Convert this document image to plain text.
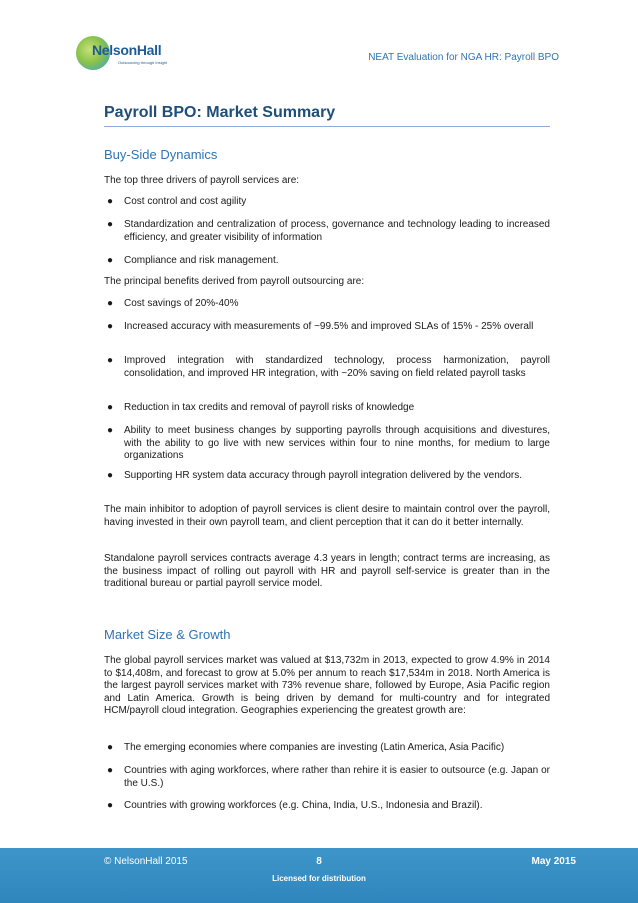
NelsonHall
Outsourcing through Insight	NEAT Evaluation for NGA HR: Payroll BPO
Payroll BPO: Market Summary
Buy-Side Dynamics

The top three drivers of payroll services are:

● Cost control and cost agility
● Standardization and centralization of process, governance and technology leading to increased efficiency, and greater visibility of information
● Compliance and risk management.

The principal benefits derived from payroll outsourcing are:

● Cost savings of 20%-40%
● Increased accuracy with measurements of ~99.5% and improved SLAs of 15% - 25% overall
● Improved integration with standardized technology, process harmonization, payroll consolidation, and improved HR integration, with ~20% saving on field related payroll tasks
● Reduction in tax credits and removal of payroll risks of knowledge
● Ability to meet business changes by supporting payrolls through acquisitions and divestures, with the ability to go live with new services within four to nine months, for medium to large organizations
● Supporting HR system data accuracy through payroll integration delivered by the vendors.

The main inhibitor to adoption of payroll services is client desire to maintain control over the payroll, having invested in their own payroll team, and client perception that it can do it better internally.

Standalone payroll services contracts average 4.3 years in length; contract terms are increasing, as the business impact of rolling out payroll with HR and payroll self-service is greater than in the traditional bureau or partial payroll service model.

Market Size & Growth

The global payroll services market was valued at $13,732m in 2013, expected to grow 4.9% in 2014 to $14,408m, and forecast to grow at 5.0% per annum to reach $17,534m in 2018. North America is the largest payroll services market with 73% revenue share, followed by Europe, Asia Pacific region and Latin America. Growth is being driven by demand for multi-country and for integrated HCM/payroll cloud integration. Geographies experiencing the greatest growth are:

● The emerging economies where companies are investing (Latin America, Asia Pacific)
● Countries with aging workforces, where rather than rehire it is easier to outsource (e.g. Japan or the U.S.)
● Countries with growing workforces (e.g. China, India, U.S., Indonesia and Brazil).
© NelsonHall 2015	8	May 2015
Licensed for distribution
